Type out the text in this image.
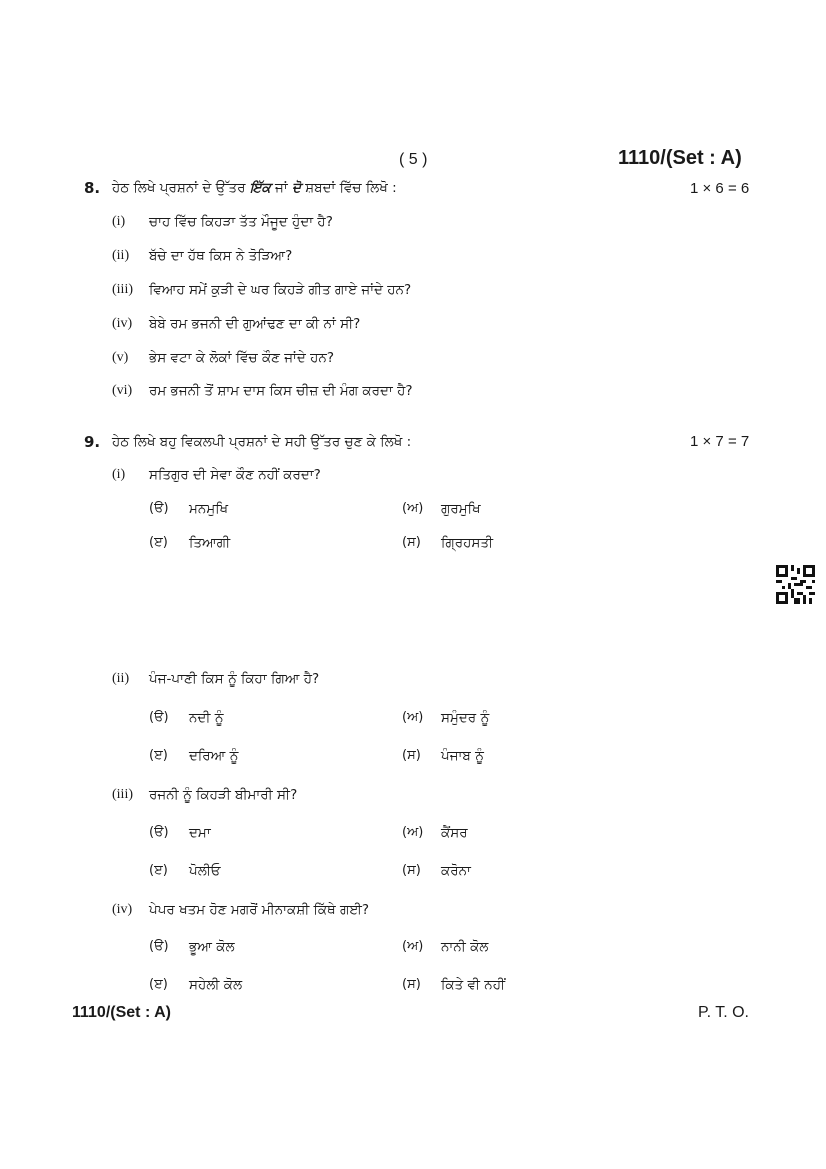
( 5 )	1110/(Set : A)
8. ਹੇਠ ਲਿਖੇ ਪ੍ਰਸ਼ਨਾਂ ਦੇ ਉੱਤਰ ਇੱਕ ਜਾਂ ਦੋ ਸ਼ਬਦਾਂ ਵਿੱਚ ਲਿਖੋ :	1 × 6 = 6
(i) ਚਾਹ ਵਿੱਚ ਕਿਹੜਾ ਤੱਤ ਮੌਜੂਦ ਹੁੰਦਾ ਹੈ?
(ii) ਬੱਚੇ ਦਾ ਹੱਥ ਕਿਸ ਨੇ ਤੋੜਿਆ?
(iii) ਵਿਆਹ ਸਮੇਂ ਕੁੜੀ ਦੇ ਘਰ ਕਿਹੜੇ ਗੀਤ ਗਾਏ ਜਾਂਦੇ ਹਨ?
(iv) ਬੇਬੇ ਰਮ ਭਜਨੀ ਦੀ ਗੁਆਂਢਣ ਦਾ ਕੀ ਨਾਂ ਸੀ?
(v) ਭੇਸ ਵਟਾ ਕੇ ਲੋਕਾਂ ਵਿੱਚ ਕੌਣ ਜਾਂਦੇ ਹਨ?
(vi) ਰਮ ਭਜਨੀ ਤੋਂ ਸ਼ਾਮ ਦਾਸ ਕਿਸ ਚੀਜ਼ ਦੀ ਮੰਗ ਕਰਦਾ ਹੈ?
9. ਹੇਠ ਲਿਖੇ ਬਹੁ ਵਿਕਲਪੀ ਪ੍ਰਸ਼ਨਾਂ ਦੇ ਸਹੀ ਉੱਤਰ ਚੁਣ ਕੇ ਲਿਖੋ :	1 × 7 = 7
(i) ਸਤਿਗੁਰ ਦੀ ਸੇਵਾ ਕੌਣ ਨਹੀਂ ਕਰਦਾ?
(ੳ) ਮਨਮੁਖਿ	(ਅ) ਗੁਰਮੁਖਿ
(ੲ) ਤਿਆਗੀ	(ਸ) ਗ੍ਰਿਹਸਤੀ
(ii) ਪੰਜ-ਪਾਣੀ ਕਿਸ ਨੂੰ ਕਿਹਾ ਗਿਆ ਹੈ?
(ੳ) ਨਦੀ ਨੂੰ	(ਅ) ਸਮੁੰਦਰ ਨੂੰ
(ੲ) ਦਰਿਆ ਨੂੰ	(ਸ) ਪੰਜਾਬ ਨੂੰ
(iii) ਰਜਨੀ ਨੂੰ ਕਿਹੜੀ ਬੀਮਾਰੀ ਸੀ?
(ੳ) ਦਮਾ	(ਅ) ਕੈਂਸਰ
(ੲ) ਪੋਲੀਓ	(ਸ) ਕਰੋਨਾ
(iv) ਪੇਪਰ ਖਤਮ ਹੋਣ ਮਗਰੋਂ ਮੀਨਾਕਸ਼ੀ ਕਿੱਥੇ ਗਈ?
(ੳ) ਭੂਆ ਕੋਲ	(ਅ) ਨਾਨੀ ਕੋਲ
(ੲ) ਸਹੇਲੀ ਕੋਲ	(ਸ) ਕਿਤੇ ਵੀ ਨਹੀਂ
1110/(Set : A)	P. T. O.
